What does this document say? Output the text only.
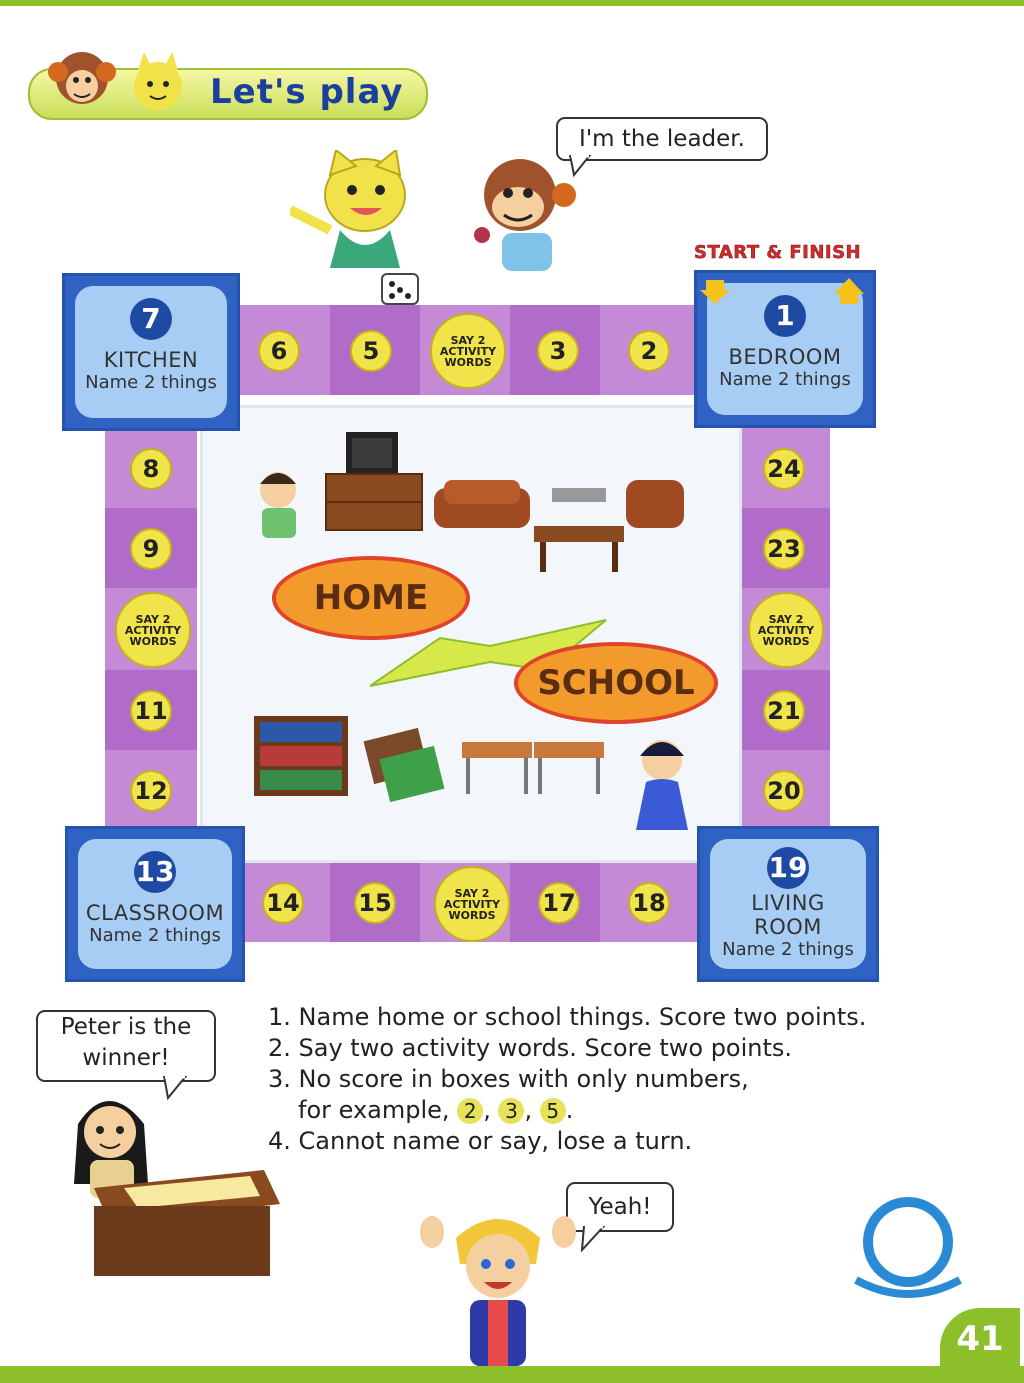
Let's play
I'm the leader.
START & FINISH
7
KITCHEN
Name 2 things
1
BEDROOM
Name 2 things
13
CLASSROOM
Name 2 things
19
LIVING
ROOM
Name 2 things
6	5	SAY 2
ACTIVITY
WORDS	3	2
8
9
SAY 2
ACTIVITY
WORDS
11
12
24
23
SAY 2
ACTIVITY
WORDS
21
20
14 15	SAY 2
ACTIVITY
WORDS 17 18
HOME
SCHOOL
1. Name home or school things. Score two points.
2. Say two activity words. Score two points.
3. No score in boxes with only numbers,
for example, 2 , 3 , 5 .
4. Cannot name or say, lose a turn.
Peter is the
winner!
Yeah!
41
